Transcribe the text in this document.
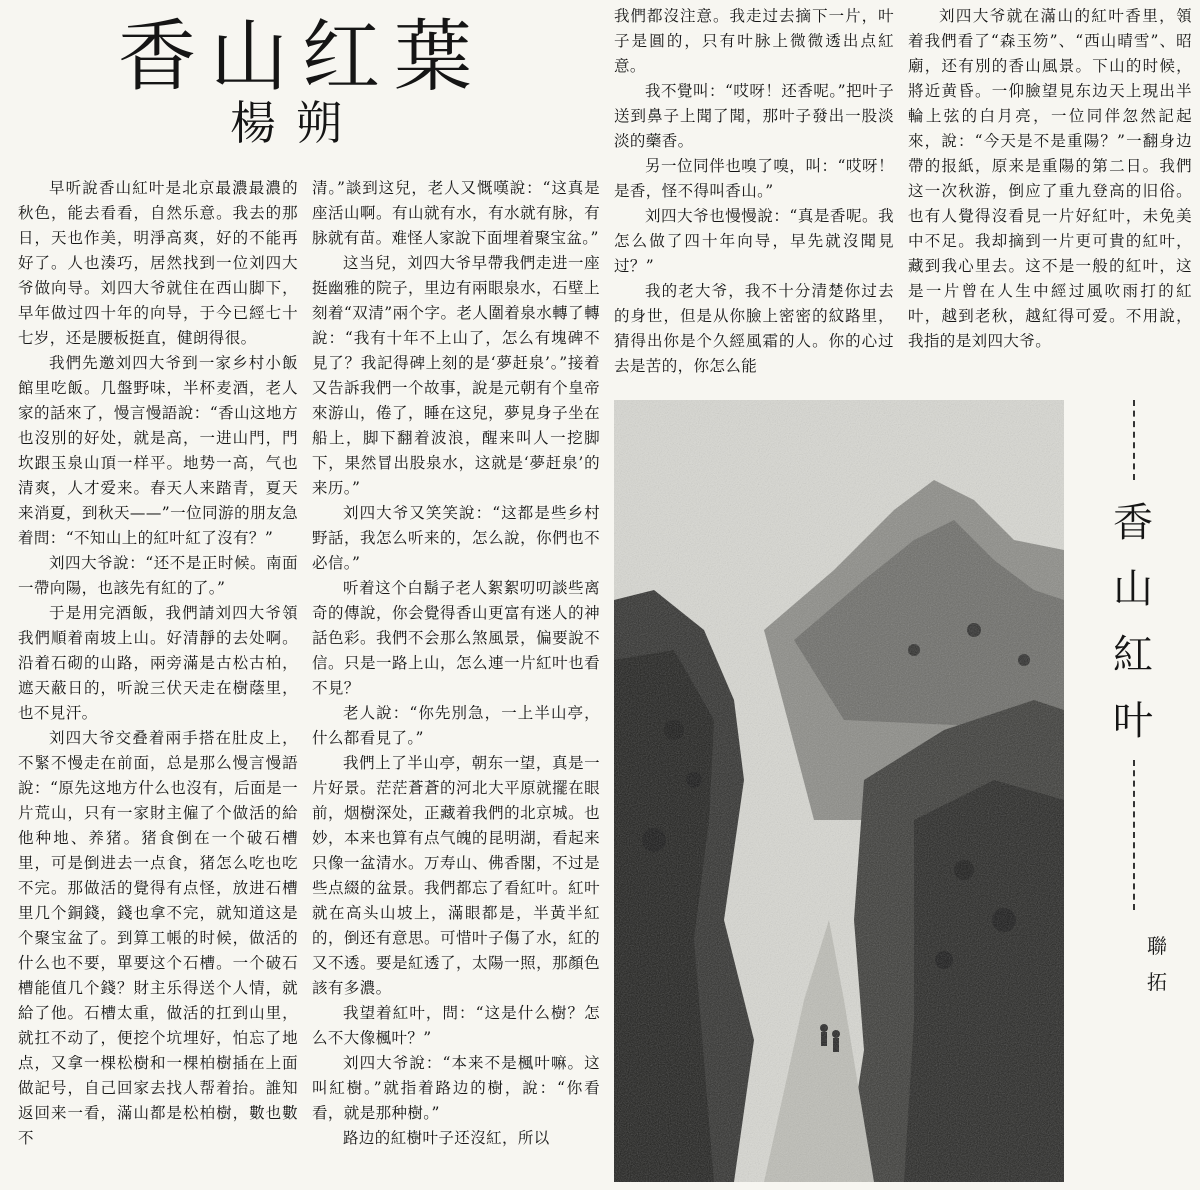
香山红葉
楊朔

早听說香山紅叶是北京最濃最濃的秋色，能去看看，自然乐意。我去的那日，天也作美，明淨高爽，好的不能再好了。人也湊巧，居然找到一位刘四大爷做向导。刘四大爷就住在西山脚下，早年做过四十年的向导，于今已經七十七岁，还是腰板挺直，健朗得很。

我們先邀刘四大爷到一家乡村小飯館里吃飯。几盤野味，半杯麦酒，老人家的話來了，慢言慢語說：“香山这地方也沒別的好处，就是高，一进山門，門坎跟玉泉山頂一样平。地势一高，气也清爽，人才爱来。春天人来踏青，夏天来消夏，到秋天——”一位同游的朋友急着問：“不知山上的紅叶紅了沒有？”

刘四大爷說：“还不是正时候。南面一帶向陽，也該先有紅的了。”

于是用完酒飯，我們請刘四大爷領我們順着南坡上山。好清靜的去处啊。沿着石砌的山路，兩旁滿是古松古柏，遮天蔽日的，听說三伏天走在樹蔭里，也不見汗。

刘四大爷交叠着兩手搭在肚皮上，不緊不慢走在前面，总是那么慢言慢語說：“原先这地方什么也沒有，后面是一片荒山，只有一家財主僱了个做活的給他种地、养猪。猪食倒在一个破石槽里，可是倒进去一点食，猪怎么吃也吃不完。那做活的覺得有点怪，放进石槽里几个銅錢，錢也拿不完，就知道这是个聚宝盆了。到算工帳的时候，做活的什么也不要，單要这个石槽。一个破石槽能值几个錢？財主乐得送个人情，就給了他。石槽太重，做活的扛到山里，就扛不动了，便挖个坑埋好，怕忘了地点，又拿一棵松樹和一棵柏樹插在上面做記号，自己回家去找人帮着抬。誰知返回来一看，滿山都是松柏樹，數也數不

清。”談到这兒，老人又慨嘆說：“这真是座活山啊。有山就有水，有水就有脉，有脉就有苗。难怪人家說下面埋着聚宝盆。”

这当兒，刘四大爷早帶我們走进一座挺幽雅的院子，里边有兩眼泉水，石壁上刻着“双清”兩个字。老人圍着泉水轉了轉說：“我有十年不上山了，怎么有塊碑不見了？我記得碑上刻的是‘夢赶泉’。”接着又告訴我們一个故事，說是元朝有个皇帝來游山，倦了，睡在这兒，夢見身子坐在船上，脚下翻着波浪，醒来叫人一挖脚下，果然冒出股泉水，这就是‘夢赶泉’的来历。”

刘四大爷又笑笑說：“这都是些乡村野話，我怎么听来的，怎么說，你們也不必信。”

听着这个白鬍子老人絮絮叨叨談些离奇的傳說，你会覺得香山更富有迷人的神話色彩。我們不会那么煞風景，偏要說不信。只是一路上山，怎么連一片紅叶也看不見？

老人說：“你先別急，一上半山亭，什么都看見了。”

我們上了半山亭，朝东一望，真是一片好景。茫茫蒼蒼的河北大平原就擺在眼前，烟樹深处，正藏着我們的北京城。也妙，本来也算有点气魄的昆明湖，看起来只像一盆清水。万寿山、佛香閣，不过是些点綴的盆景。我們都忘了看紅叶。紅叶就在高头山坡上，滿眼都是，半黃半紅的，倒还有意思。可惜叶子傷了水，紅的又不透。要是紅透了，太陽一照，那顏色該有多濃。

我望着紅叶，問：“这是什么樹？怎么不大像楓叶？”

刘四大爷說：“本来不是楓叶嘛。这叫紅樹。”就指着路边的樹，說：“你看看，就是那种樹。”

路边的紅樹叶子还沒紅，所以

我們都沒注意。我走过去摘下一片，叶子是圓的，只有叶脉上微微透出点紅意。

我不覺叫：“哎呀！还香呢。”把叶子送到鼻子上聞了聞，那叶子發出一股淡淡的藥香。

另一位同伴也嗅了嗅，叫：“哎呀！是香，怪不得叫香山。”

刘四大爷也慢慢說：“真是香呢。我怎么做了四十年向导，早先就沒聞見过？”

我的老大爷，我不十分清楚你过去的身世，但是从你臉上密密的紋路里，猜得出你是个久經風霜的人。你的心过去是苦的，你怎么能

刘四大爷就在滿山的紅叶香里，領着我們看了“森玉笏”、“西山晴雪”、昭廟，还有別的香山風景。下山的时候，將近黄昏。一仰臉望見东边天上現出半輪上弦的白月亮，一位同伴忽然記起來，說：“今天是不是重陽？”一翻身边帶的报紙，原来是重陽的第二日。我們这一次秋游，倒应了重九登高的旧俗。也有人覺得沒看見一片好紅叶，未免美中不足。我却摘到一片更可貴的紅叶，藏到我心里去。这不是一般的紅叶，这是一片曾在人生中經过風吹雨打的紅叶，越到老秋，越紅得可爱。不用說，我指的是刘四大爷。

香
山
紅
叶
聯
拓
